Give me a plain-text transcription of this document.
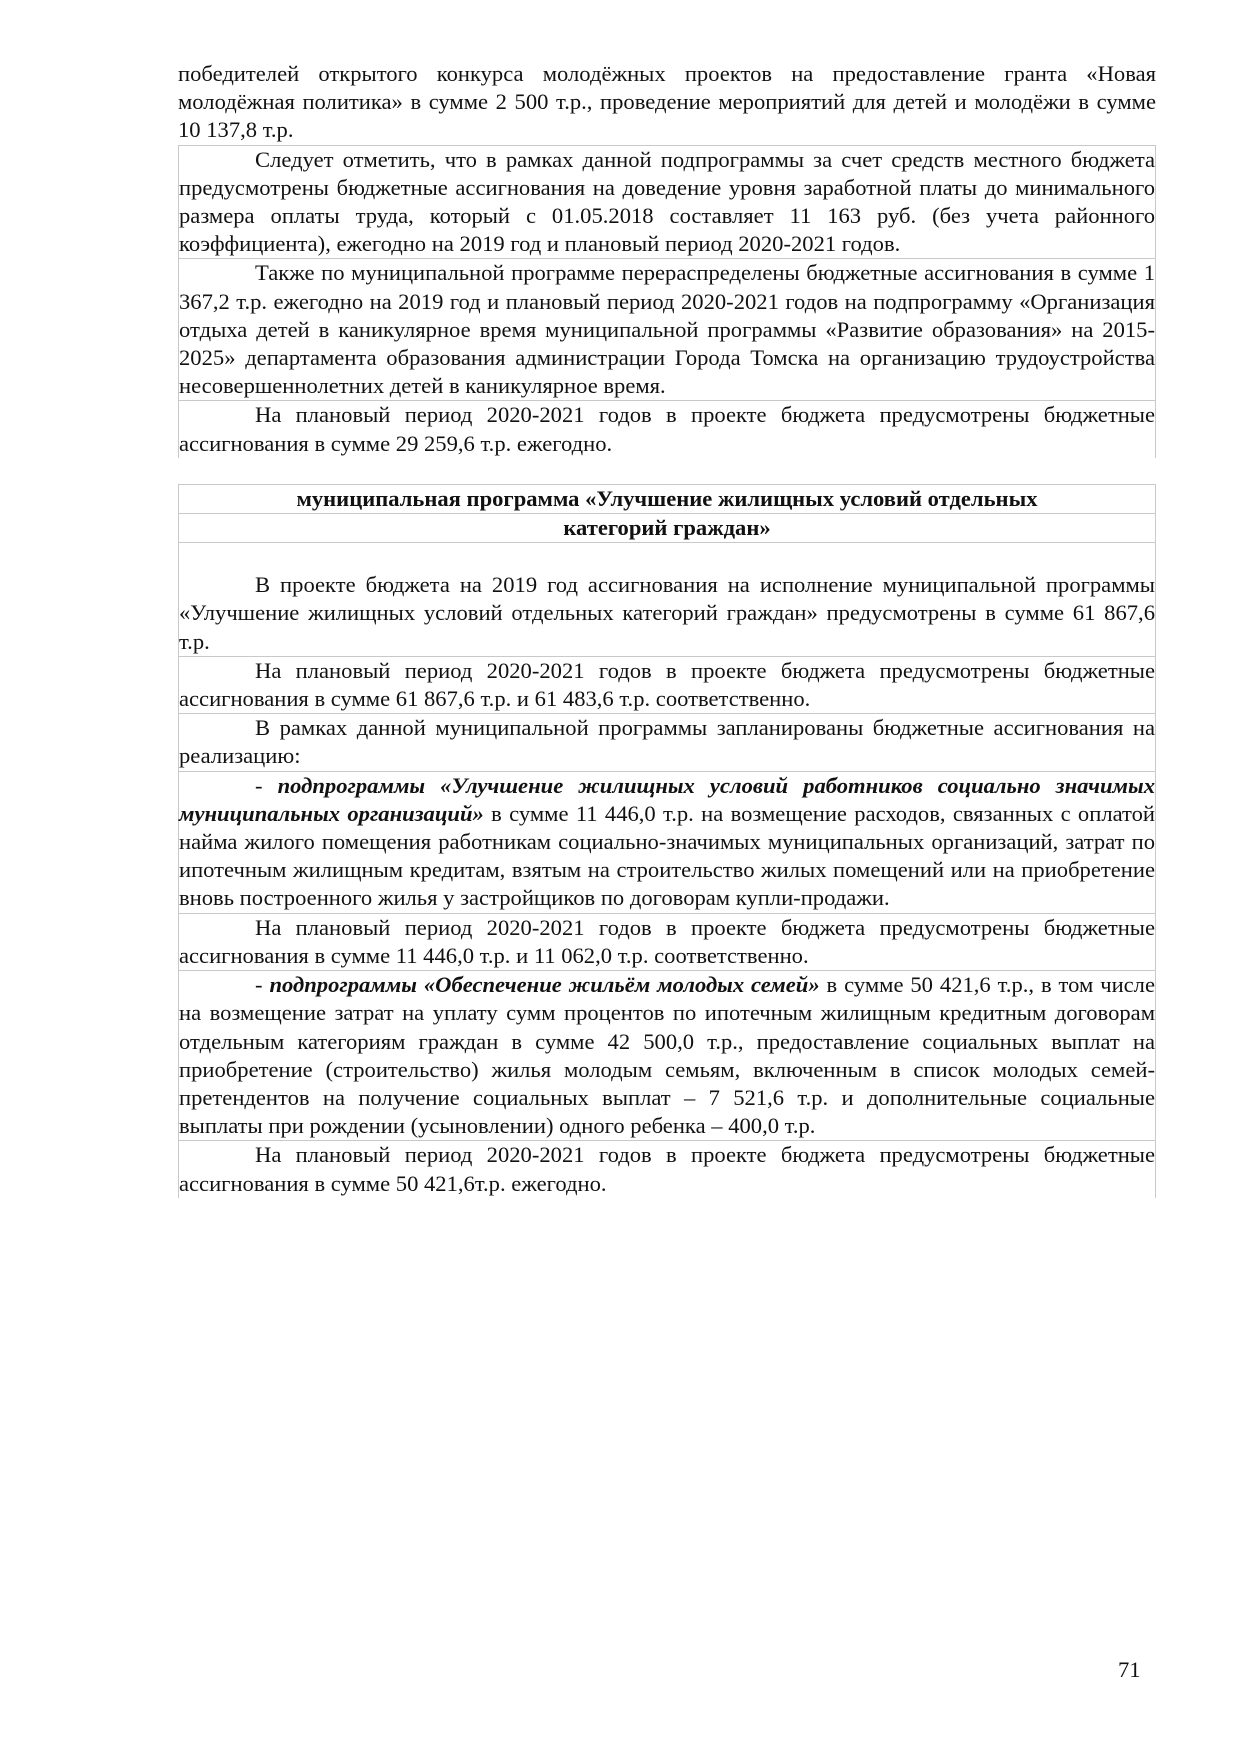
победителей открытого конкурса молодёжных проектов на предоставление гранта «Новая молодёжная политика» в сумме 2 500 т.р., проведение мероприятий для детей и молодёжи в сумме 10 137,8 т.р.

Следует отметить, что в рамках данной подпрограммы за счет средств местного бюджета предусмотрены бюджетные ассигнования на доведение уровня заработной платы до минимального размера оплаты труда, который с 01.05.2018 составляет 11 163 руб. (без учета районного коэффициента), ежегодно на 2019 год и плановый период 2020-2021 годов.

Также по муниципальной программе перераспределены бюджетные ассигнования в сумме 1 367,2 т.р. ежегодно на 2019 год и плановый период 2020-2021 годов на подпрограмму «Организация отдыха детей в каникулярное время муниципальной программы «Развитие образования» на 2015-2025» департамента образования администрации Города Томска на организацию трудоустройства несовершеннолетних детей в каникулярное время.

На плановый период 2020-2021 годов в проекте бюджета предусмотрены бюджетные ассигнования в сумме 29 259,6 т.р. ежегодно.

муниципальная программа «Улучшение жилищных условий отдельных
категорий граждан»

В проекте бюджета на 2019 год ассигнования на исполнение муниципальной программы «Улучшение жилищных условий отдельных категорий граждан» предусмотрены в сумме 61 867,6 т.р.

На плановый период 2020-2021 годов в проекте бюджета предусмотрены бюджетные ассигнования в сумме 61 867,6 т.р. и 61 483,6 т.р. соответственно.

В рамках данной муниципальной программы запланированы бюджетные ассигнования на реализацию:

- подпрограммы «Улучшение жилищных условий работников социально значимых муниципальных организаций» в сумме 11 446,0 т.р. на возмещение расходов, связанных с оплатой найма жилого помещения работникам социально-значимых муниципальных организаций, затрат по ипотечным жилищным кредитам, взятым на строительство жилых помещений или на приобретение вновь построенного жилья у застройщиков по договорам купли-продажи.

На плановый период 2020-2021 годов в проекте бюджета предусмотрены бюджетные ассигнования в сумме 11 446,0 т.р. и 11 062,0 т.р. соответственно.

- подпрограммы «Обеспечение жильём молодых семей» в сумме 50 421,6 т.р., в том числе на возмещение затрат на уплату сумм процентов по ипотечным жилищным кредитным договорам отдельным категориям граждан в сумме 42 500,0 т.р., предоставление социальных выплат на приобретение (строительство) жилья молодым семьям, включенным в список молодых семей-претендентов на получение социальных выплат – 7 521,6 т.р. и дополнительные социальные выплаты при рождении (усыновлении) одного ребенка – 400,0 т.р.

На плановый период 2020-2021 годов в проекте бюджета предусмотрены бюджетные ассигнования в сумме 50 421,6т.р. ежегодно.

71
